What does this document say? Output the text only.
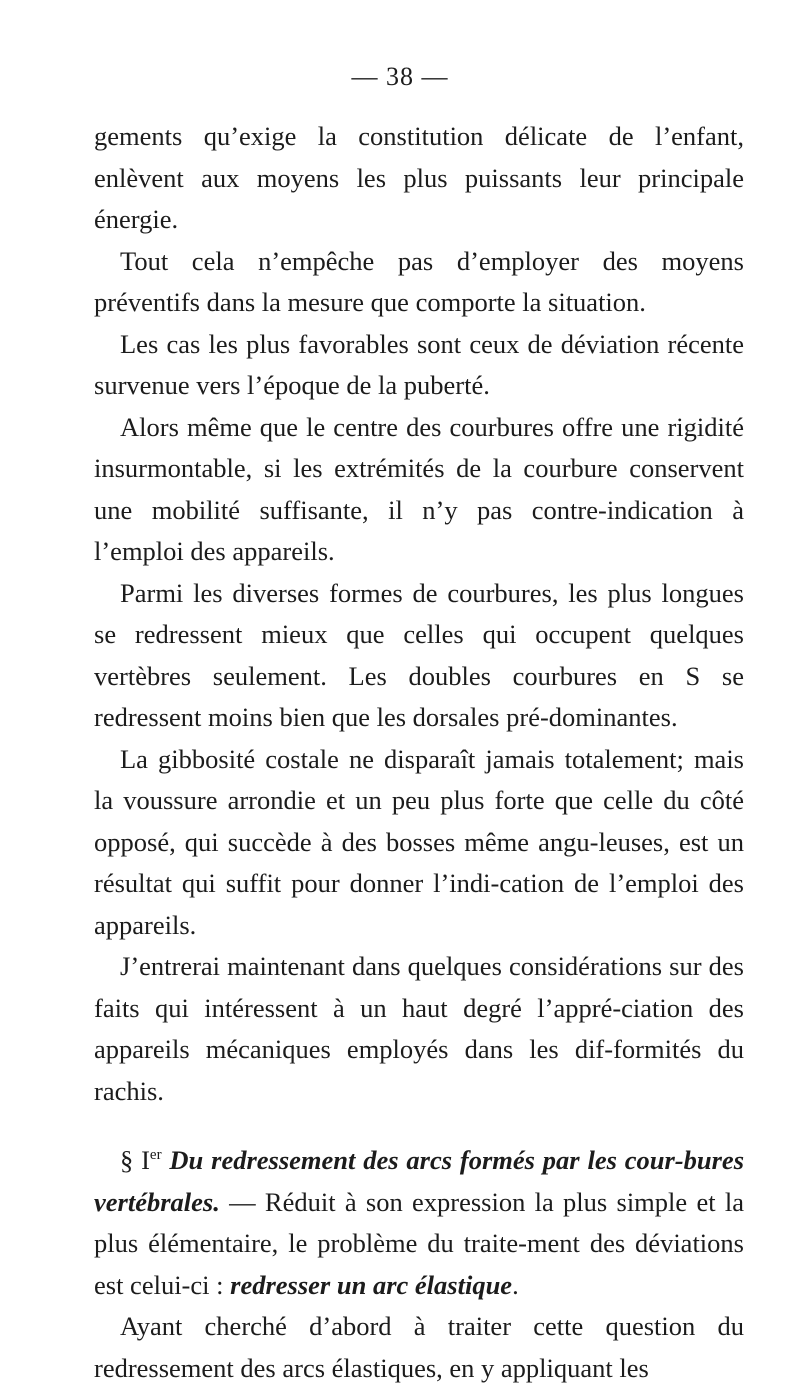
— 38 —

gements qu’exige la constitution délicate de l’enfant, enlèvent aux moyens les plus puissants leur principale énergie.

Tout cela n’empêche pas d’employer des moyens préventifs dans la mesure que comporte la situation.

Les cas les plus favorables sont ceux de déviation récente survenue vers l’époque de la puberté.

Alors même que le centre des courbures offre une rigidité insurmontable, si les extrémités de la courbure conservent une mobilité suffisante, il n’y pas contre-indication à l’emploi des appareils.

Parmi les diverses formes de courbures, les plus longues se redressent mieux que celles qui occupent quelques vertèbres seulement. Les doubles courbures en S se redressent moins bien que les dorsales pré-dominantes.

La gibbosité costale ne disparaît jamais totalement; mais la voussure arrondie et un peu plus forte que celle du côté opposé, qui succède à des bosses même angu-leuses, est un résultat qui suffit pour donner l’indi-cation de l’emploi des appareils.

J’entrerai maintenant dans quelques considérations sur des faits qui intéressent à un haut degré l’appré-ciation des appareils mécaniques employés dans les dif-formités du rachis.

§ Ier Du redressement des arcs formés par les cour-bures vertébrales. — Réduit à son expression la plus simple et la plus élémentaire, le problème du traite-ment des déviations est celui-ci : redresser un arc élastique.

Ayant cherché d’abord à traiter cette question du redressement des arcs élastiques, en y appliquant les
